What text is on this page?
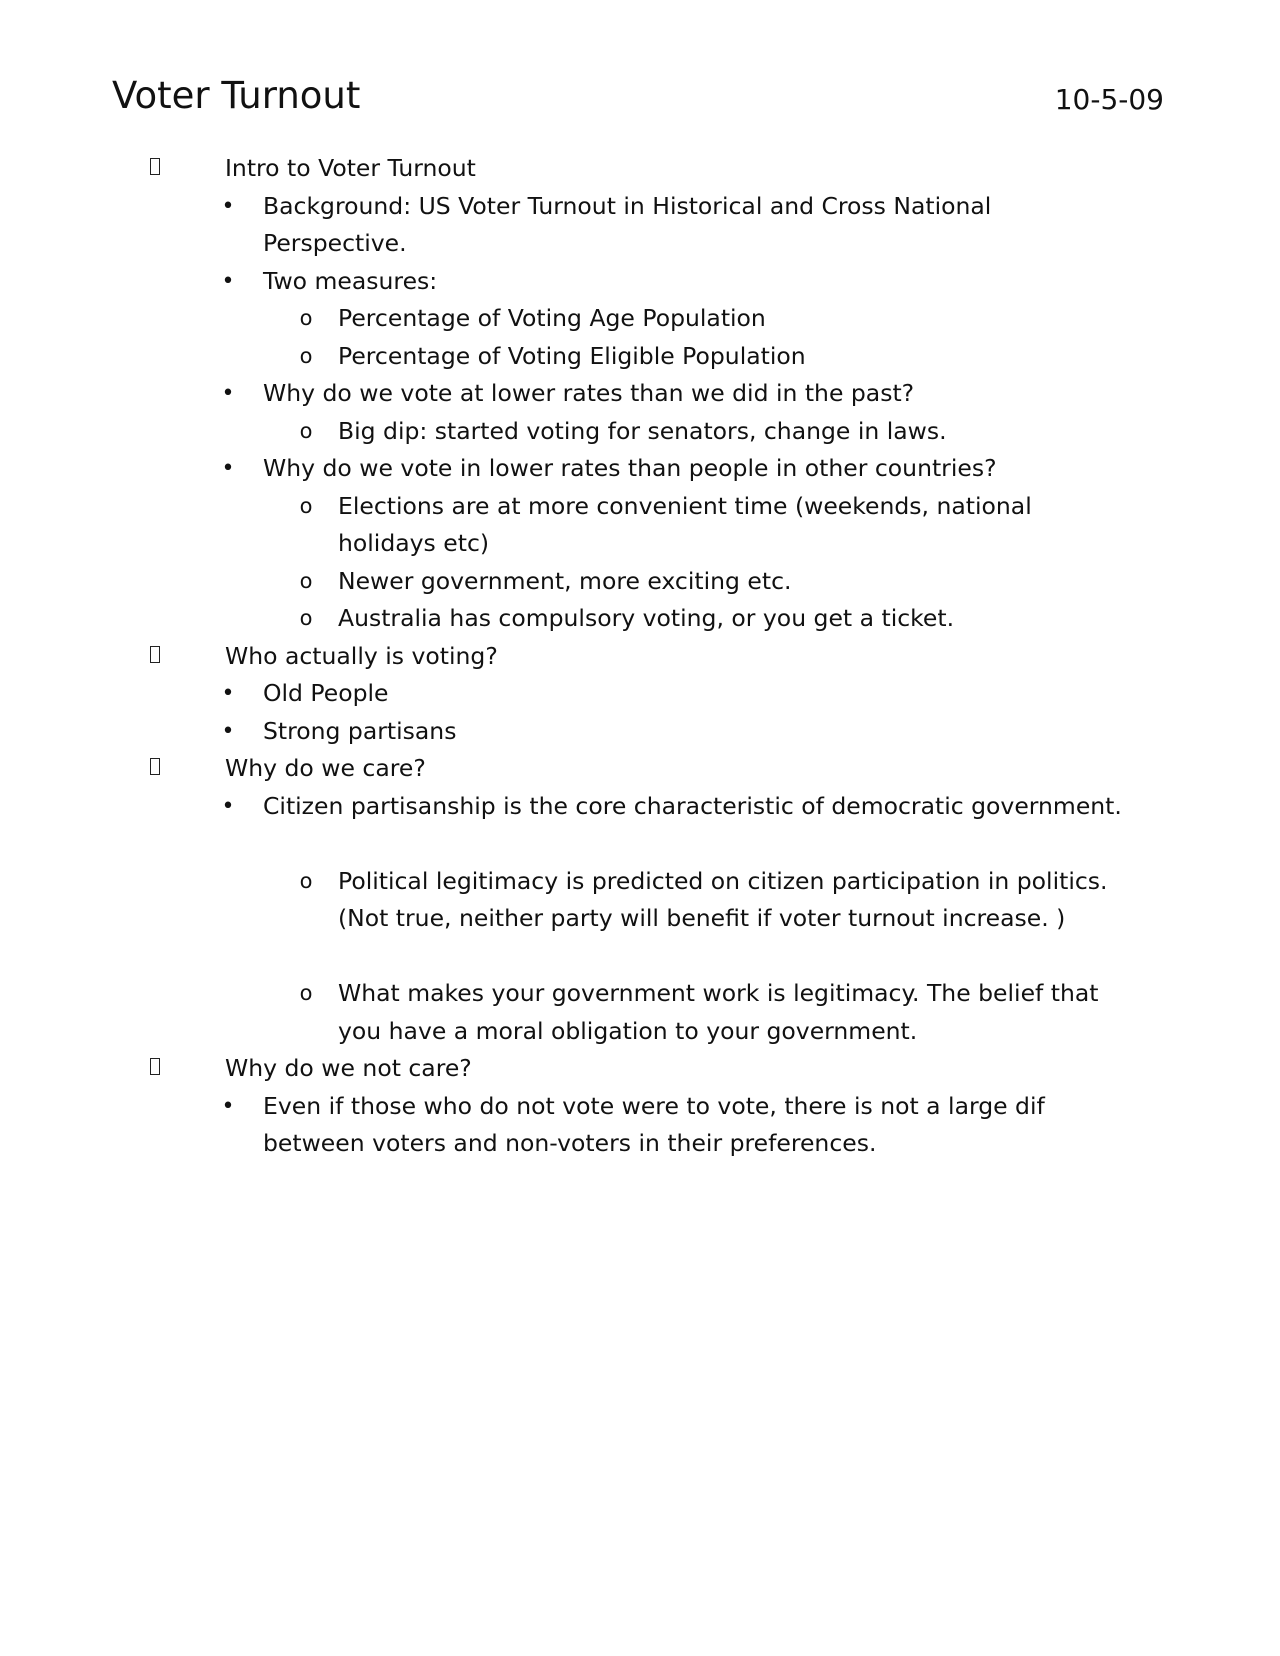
Voter Turnout	10-5-09
Intro to Voter Turnout
• Background: US Voter Turnout in Historical and Cross National Perspective.
• Two measures:
o Percentage of Voting Age Population
o Percentage of Voting Eligible Population
• Why do we vote at lower rates than we did in the past?
o Big dip: started voting for senators, change in laws.
• Why do we vote in lower rates than people in other countries?
o Elections are at more convenient time (weekends, national holidays etc)
o Newer government, more exciting etc.
o Australia has compulsory voting, or you get a ticket.
Who actually is voting?
• Old People
• Strong partisans
Why do we care?
• Citizen partisanship is the core characteristic of democratic government.
o Political legitimacy is predicted on citizen participation in politics. (Not true, neither party will benefit if voter turnout increase. )
o What makes your government work is legitimacy. The belief that you have a moral obligation to your government.
Why do we not care?
• Even if those who do not vote were to vote, there is not a large dif between voters and non-voters in their preferences.
